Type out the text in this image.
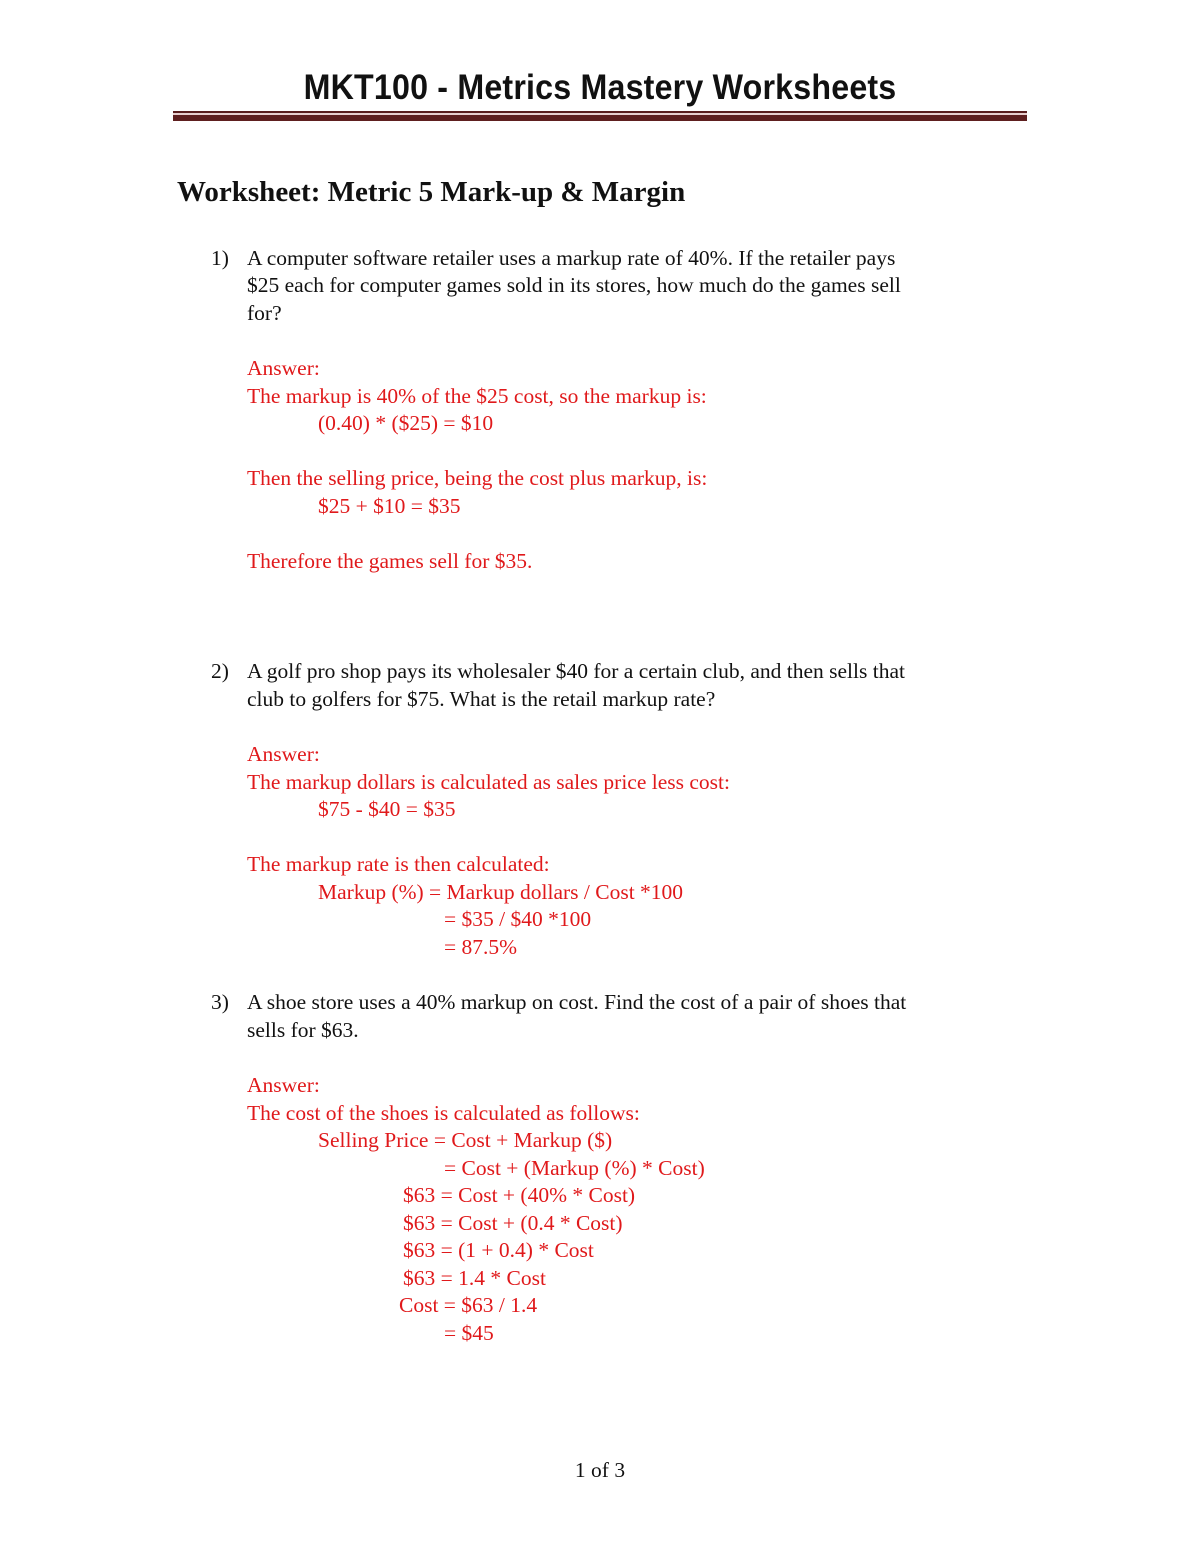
MKT100 - Metrics Mastery Worksheets
Worksheet: Metric 5 Mark-up & Margin
1) A computer software retailer uses a markup rate of 40%. If the retailer pays
$25 each for computer games sold in its stores, how much do the games sell
for?
Answer:
The markup is 40% of the $25 cost, so the markup is:
(0.40) * ($25) = $10
Then the selling price, being the cost plus markup, is:
$25 + $10 = $35
Therefore the games sell for $35.
2) A golf pro shop pays its wholesaler $40 for a certain club, and then sells that
club to golfers for $75. What is the retail markup rate?
Answer:
The markup dollars is calculated as sales price less cost:
$75 - $40 = $35
The markup rate is then calculated:
Markup (%) = Markup dollars / Cost *100
= $35 / $40 *100
= 87.5%
3) A shoe store uses a 40% markup on cost. Find the cost of a pair of shoes that
sells for $63.
Answer:
The cost of the shoes is calculated as follows:
Selling Price = Cost + Markup ($)
= Cost + (Markup (%) * Cost)
$63 = Cost + (40% * Cost)
$63 = Cost + (0.4 * Cost)
$63 = (1 + 0.4) * Cost
$63 = 1.4 * Cost
Cost = $63 / 1.4
= $45
1 of 3
